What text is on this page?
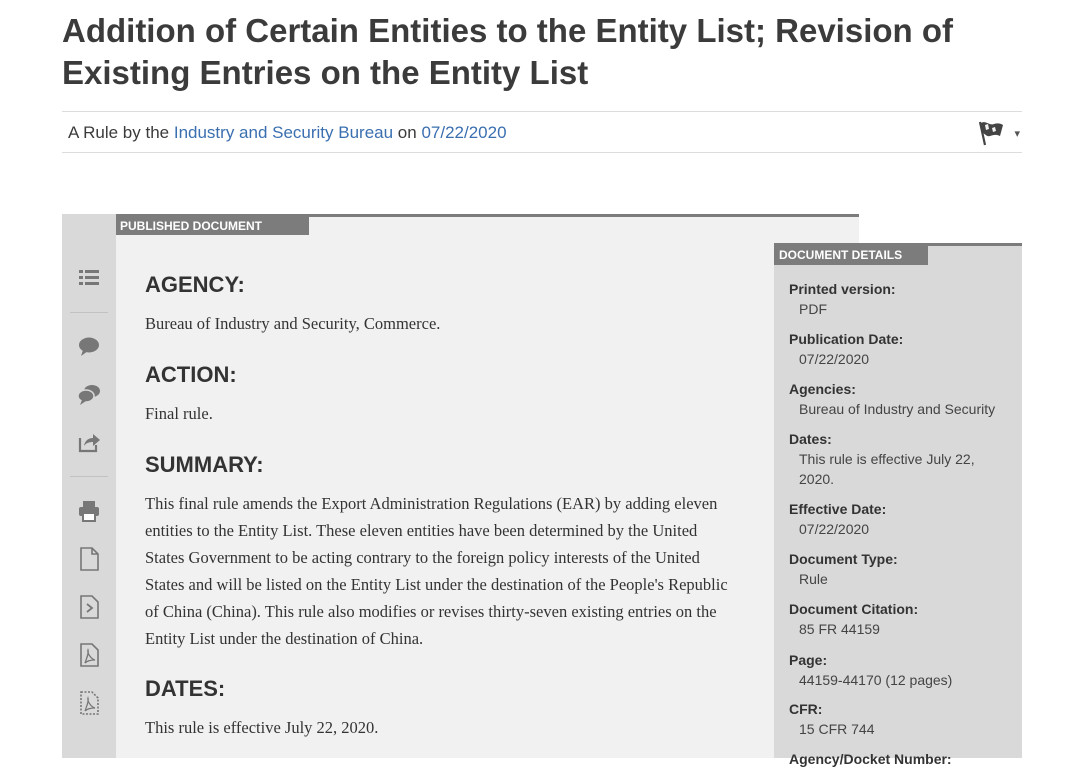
Addition of Certain Entities to the Entity List; Revision of Existing Entries on the Entity List
A Rule by the Industry and Security Bureau on 07/22/2020	▾
PUBLISHED DOCUMENT
AGENCY:

Bureau of Industry and Security, Commerce.

ACTION:

Final rule.

SUMMARY:

This final rule amends the Export Administration Regulations (EAR) by adding eleven entities to the Entity List. These eleven entities have been determined by the United States Government to be acting contrary to the foreign policy interests of the United States and will be listed on the Entity List under the destination of the People's Republic of China (China). This rule also modifies or revises thirty-seven existing entries on the Entity List under the destination of China.

DATES:

This rule is effective July 22, 2020.

DOCUMENT DETAILS
Printed version:
PDF
Publication Date:
07/22/2020
Agencies:
Bureau of Industry and Security
Dates:
This rule is effective July 22, 2020.
Effective Date:
07/22/2020
Document Type:
Rule
Document Citation:
85 FR 44159
Page:
44159-44170 (12 pages)
CFR:
15 CFR 744
Agency/Docket Number:
